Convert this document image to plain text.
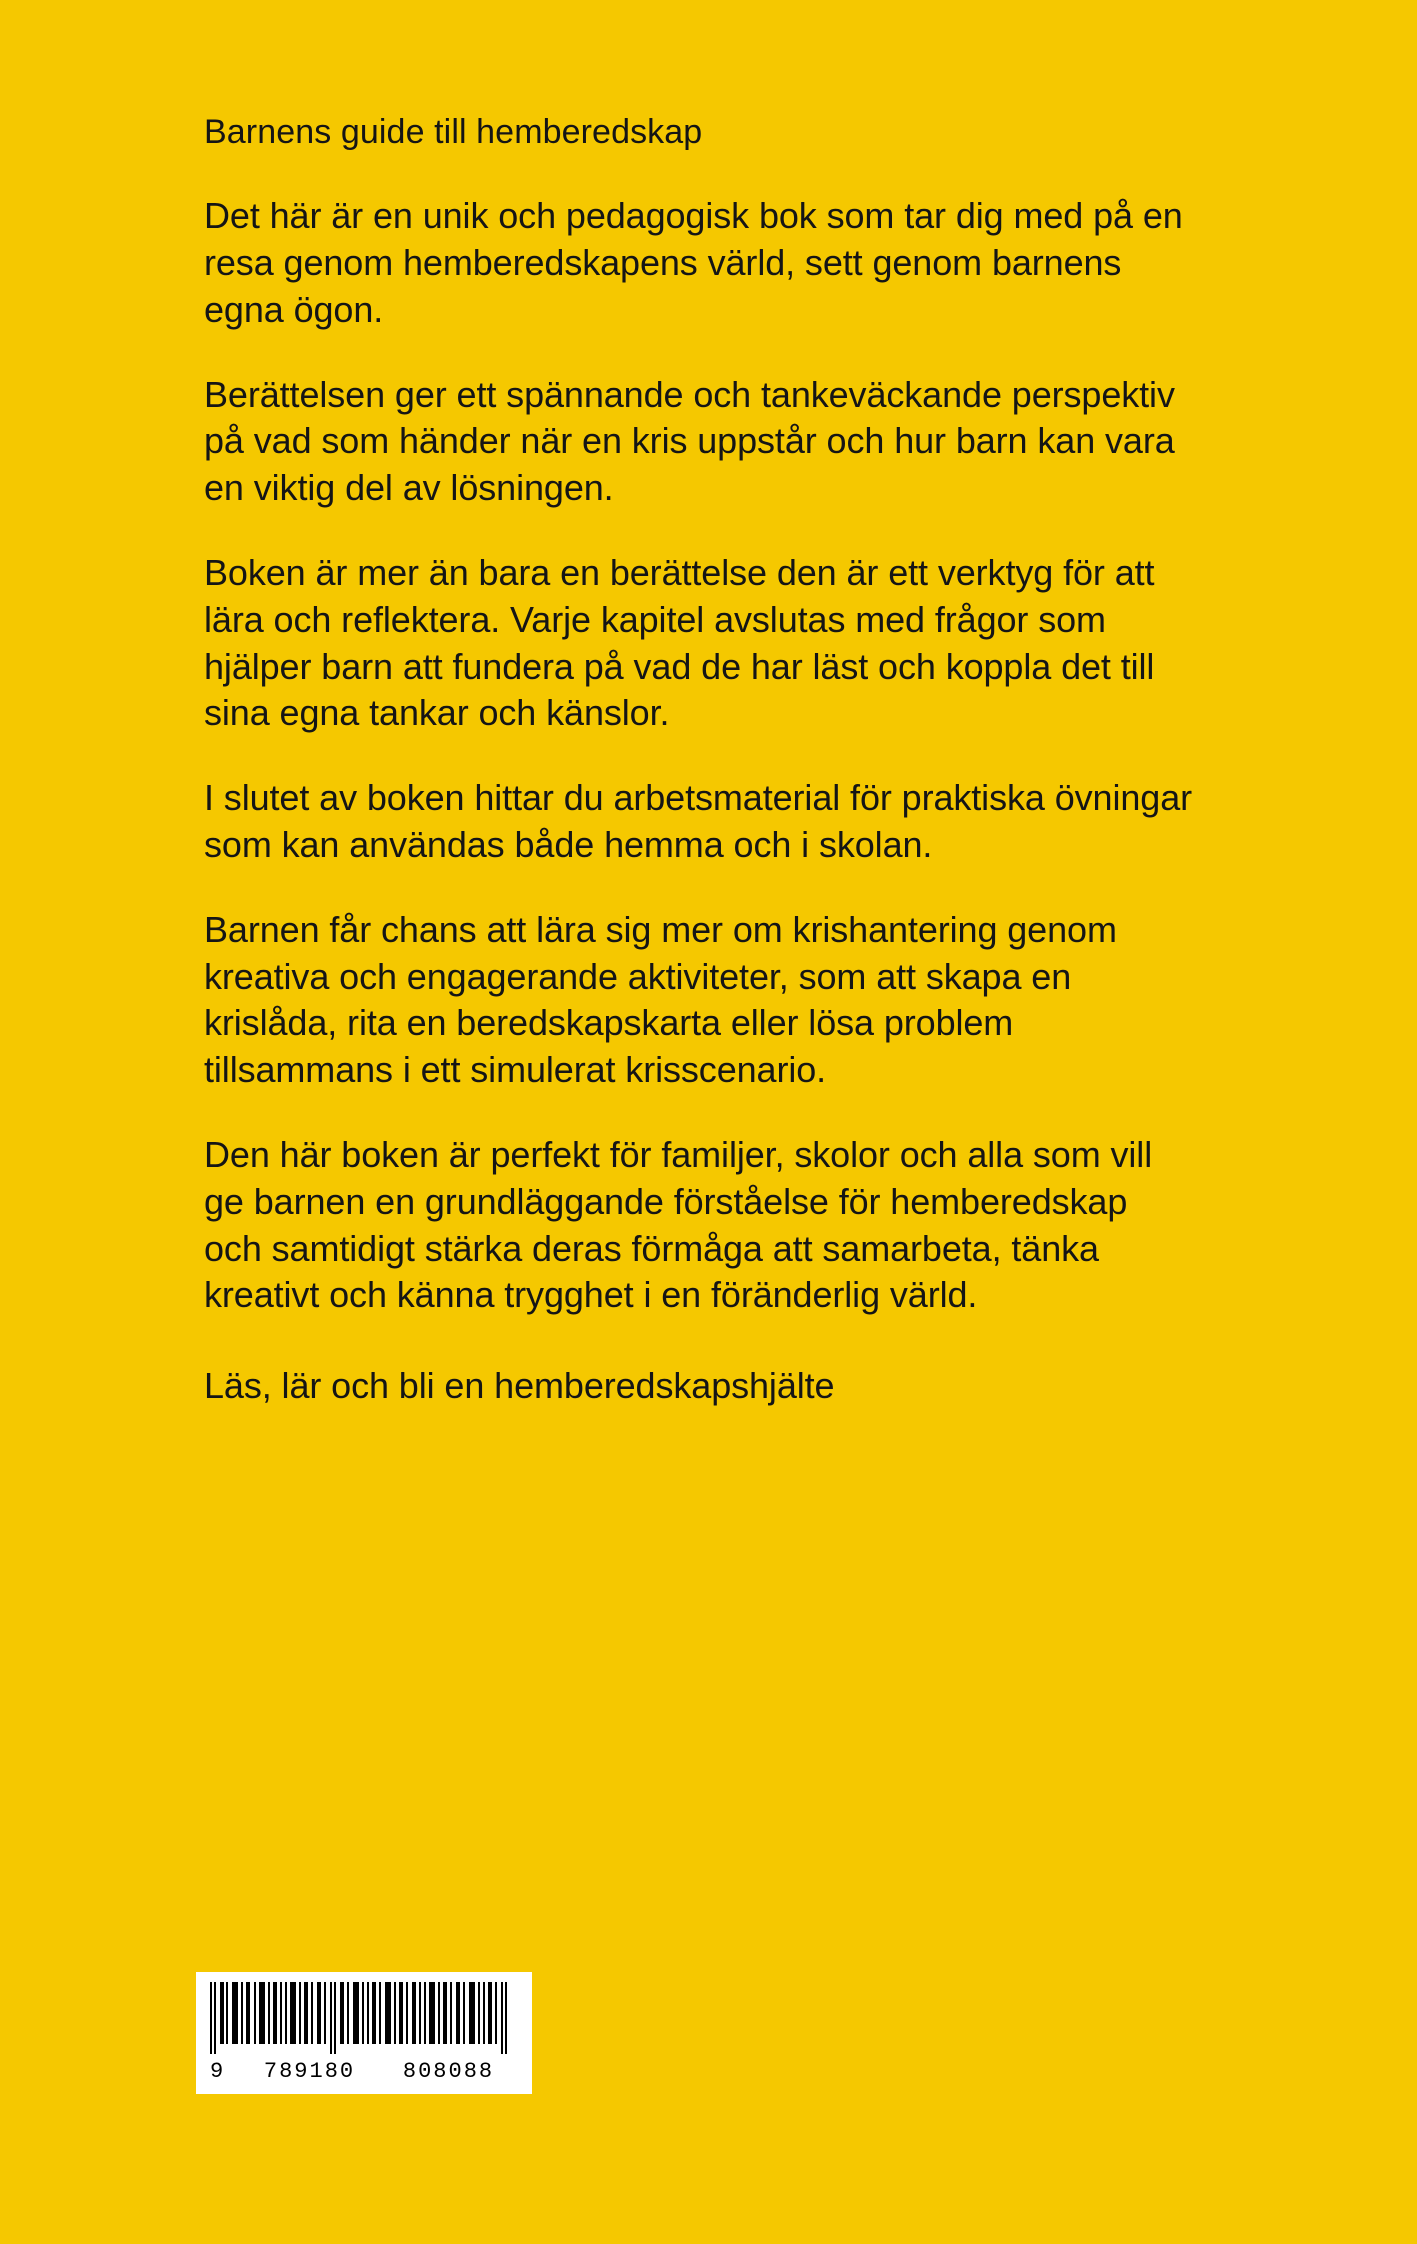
Barnens guide till hemberedskap

Det här är en unik och pedagogisk bok som tar dig med på en resa genom hemberedskapens värld, sett genom barnens egna ögon.

Berättelsen ger ett spännande och tankeväckande perspektiv på vad som händer när en kris uppstår och hur barn kan vara en viktig del av lösningen.

Boken är mer än bara en berättelse den är ett verktyg för att lära och reflektera. Varje kapitel avslutas med frågor som hjälper barn att fundera på vad de har läst och koppla det till sina egna tankar och känslor.

I slutet av boken hittar du arbetsmaterial för praktiska övningar som kan användas både hemma och i skolan.

Barnen får chans att lära sig mer om krishantering genom kreativa och engagerande aktiviteter, som att skapa en krislåda, rita en beredskapskarta eller lösa problem tillsammans i ett simulerat krisscenario.

Den här boken är perfekt för familjer, skolor och alla som vill ge barnen en grundläggande förståelse för hemberedskap och samtidigt stärka deras förmåga att samarbeta, tänka kreativt och känna trygghet i en föränderlig värld.

Läs, lär och bli en hemberedskapshjälte

9	789180	808088
